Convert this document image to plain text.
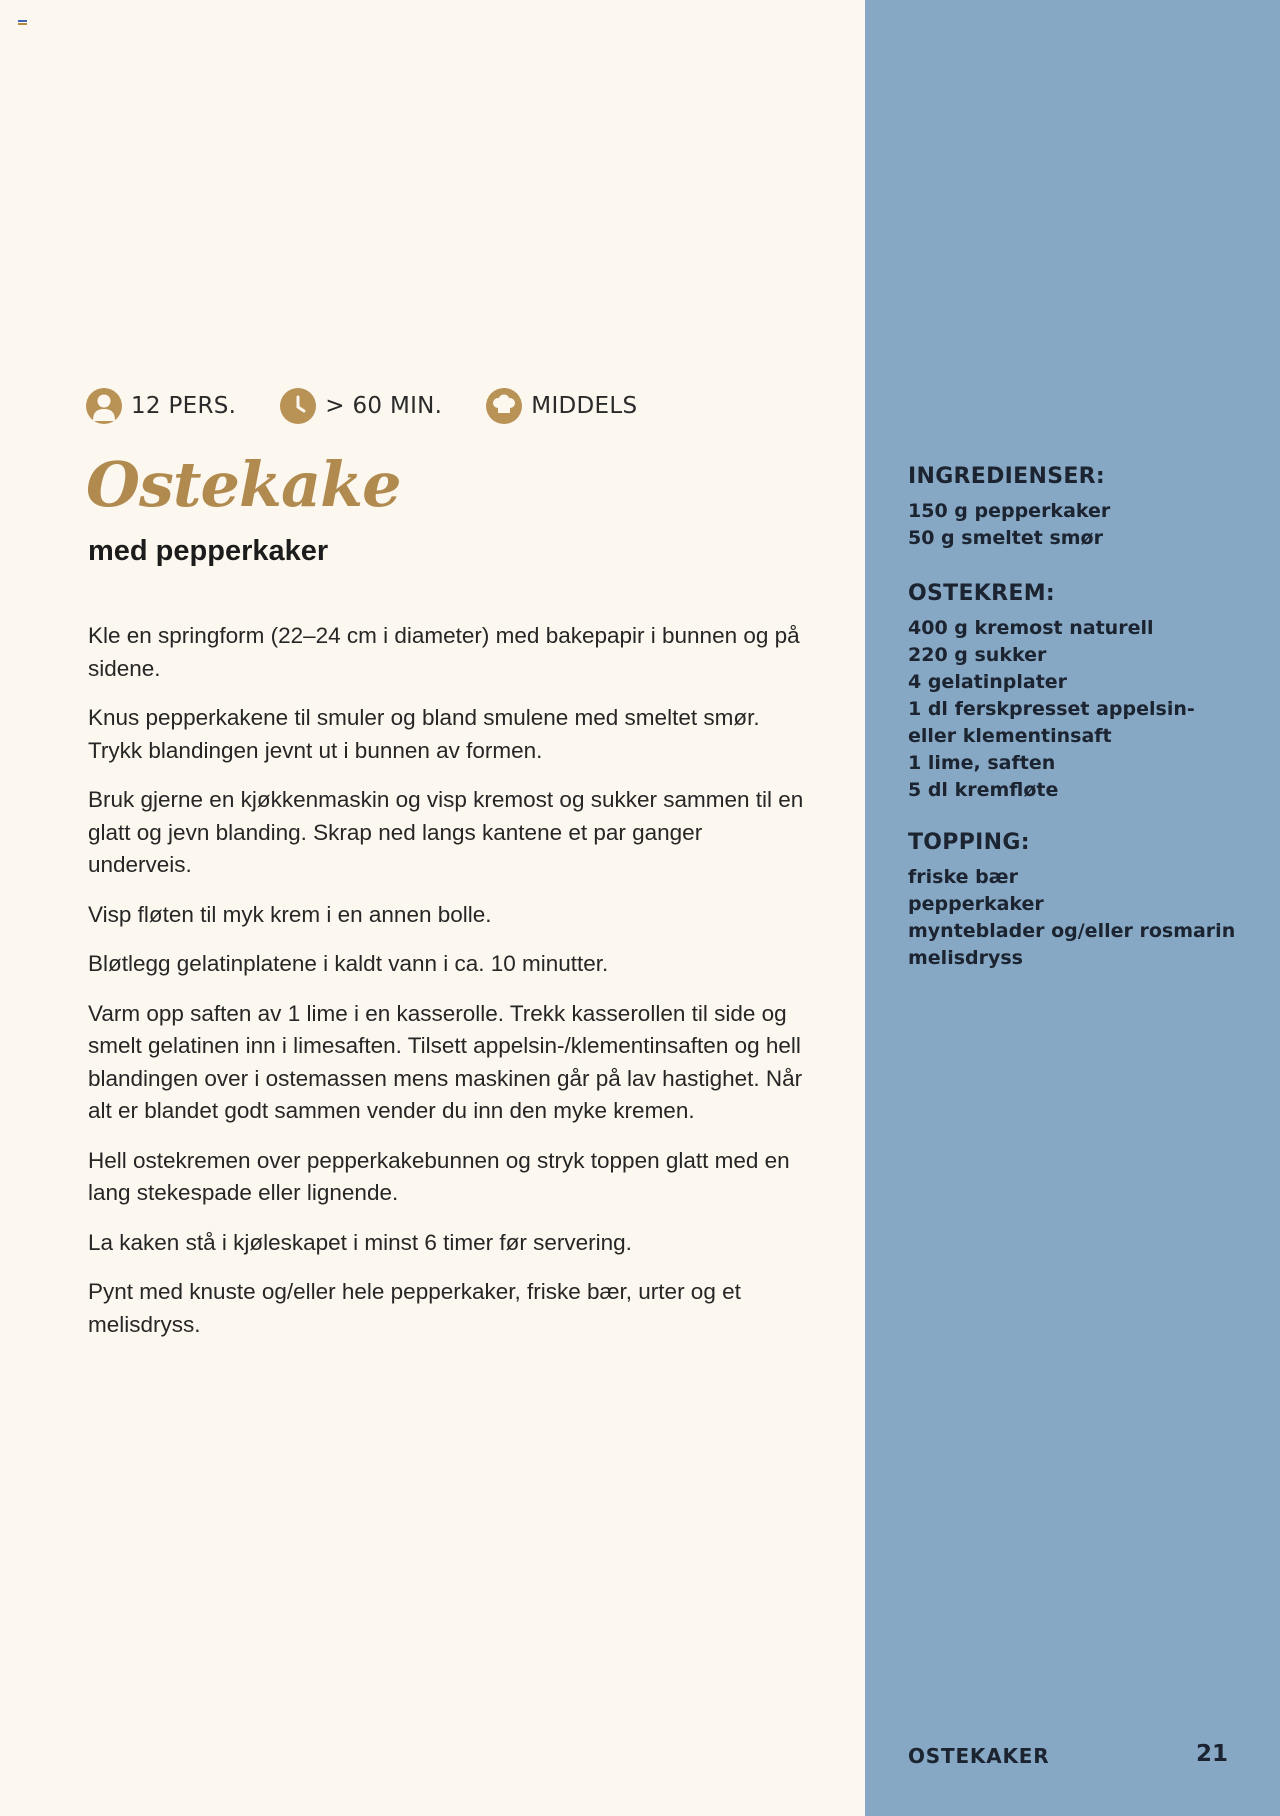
12 PERS.	> 60 MIN.	MIDDELS
Ostekake
med pepperkaker

Kle en springform (22–24 cm i diameter) med bakepapir i bunnen og på sidene.

Knus pepperkakene til smuler og bland smulene med smeltet smør. Trykk blandingen jevnt ut i bunnen av formen.

Bruk gjerne en kjøkkenmaskin og visp kremost og sukker sammen til en glatt og jevn blanding. Skrap ned langs kantene et par ganger underveis.

Visp fløten til myk krem i en annen bolle.

Bløtlegg gelatinplatene i kaldt vann i ca. 10 minutter.

Varm opp saften av 1 lime i en kasserolle. Trekk kasserollen til side og smelt gelatinen inn i limesaften. Tilsett appelsin-/klementinsaften og hell blandingen over i ostemassen mens maskinen går på lav hastighet. Når alt er blandet godt sammen vender du inn den myke kremen.

Hell ostekremen over pepperkakebunnen og stryk toppen glatt med en lang stekespade eller lignende.

La kaken stå i kjøleskapet i minst 6 timer før servering.

Pynt med knuste og/eller hele pepperkaker, friske bær, urter og et melisdryss.

INGREDIENSER:
150 g pepperkaker
50 g smeltet smør
OSTEKREM:
400 g kremost naturell
220 g sukker
4 gelatinplater
1 dl ferskpresset appelsin-
eller klementinsaft
1 lime, saften
5 dl kremfløte
TOPPING:
friske bær
pepperkaker
mynteblader og/eller rosmarin
melisdryss
OSTEKAKER	21
